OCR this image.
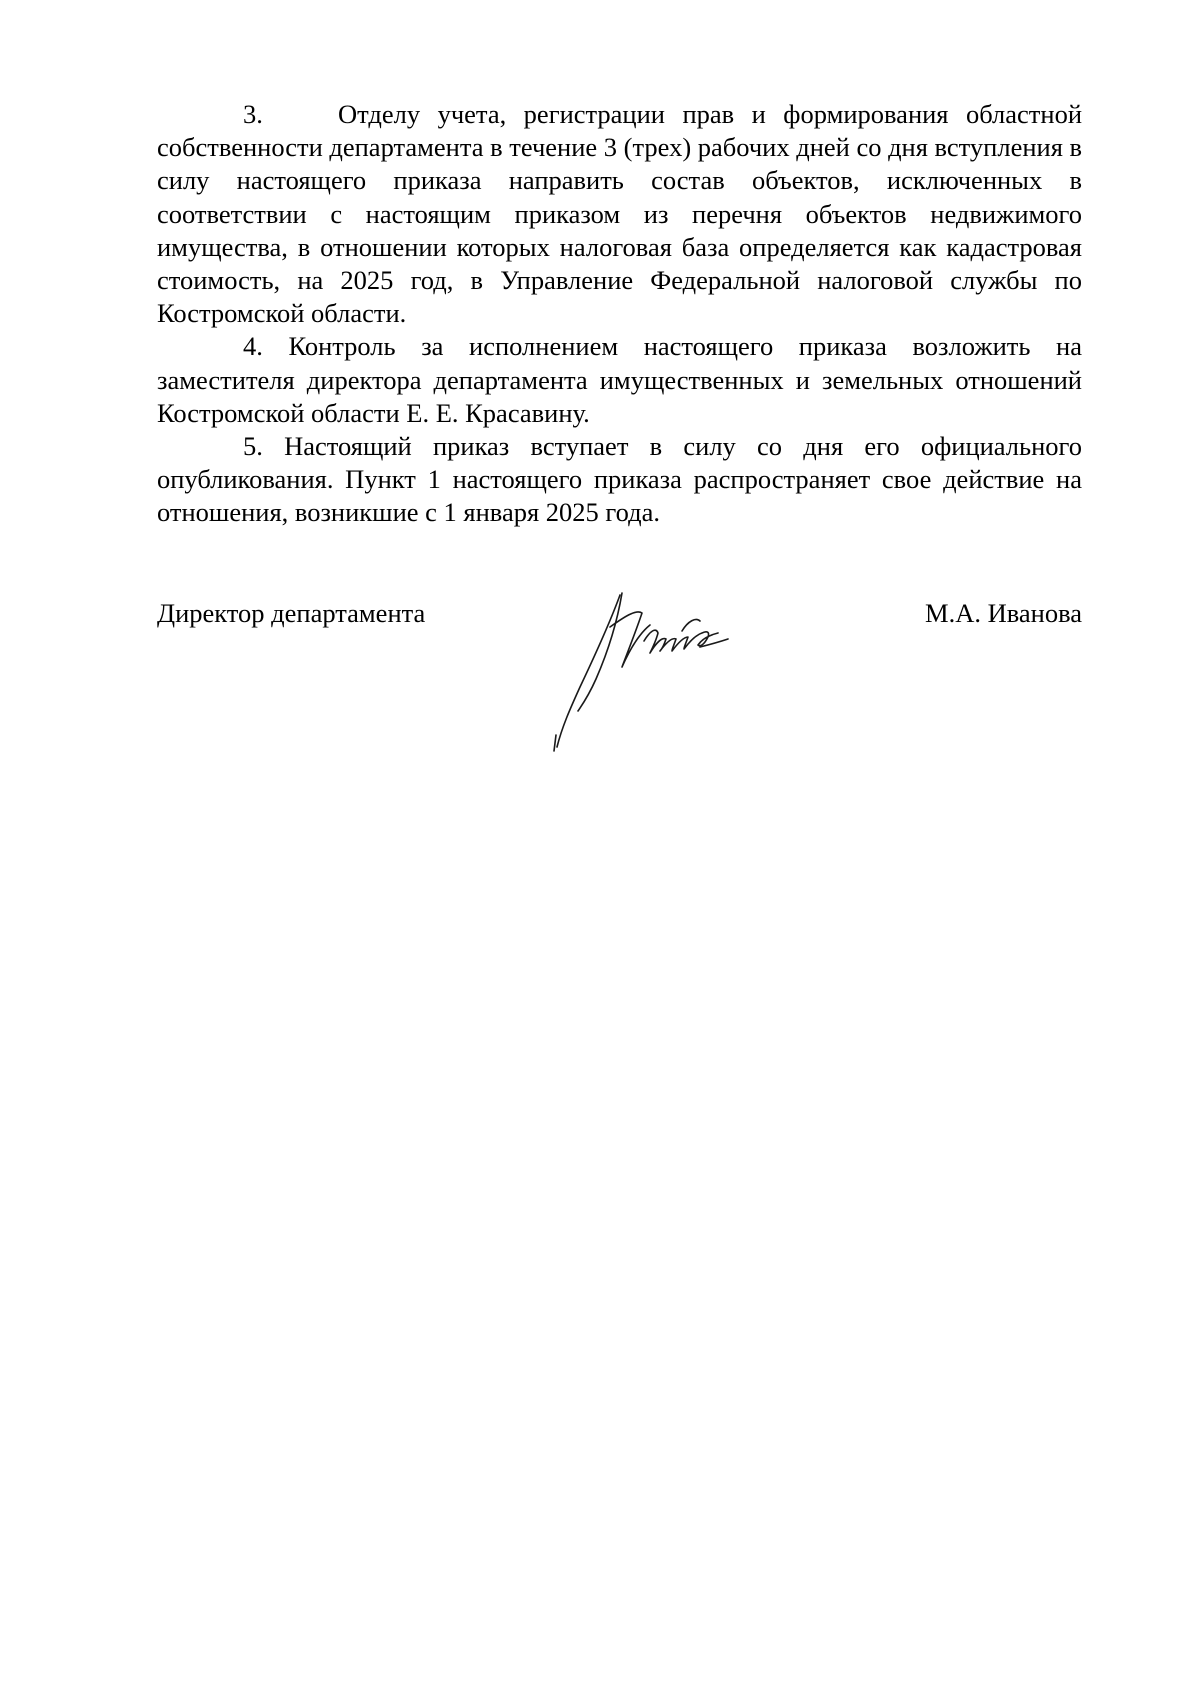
3.	Отделу учета, регистрации прав и формирования областной собственности департамента в течение 3 (трех) рабочих дней со дня вступления в силу настоящего приказа направить состав объектов, исключенных в соответствии с настоящим приказом из перечня объектов недвижимого имущества, в отношении которых налоговая база определяется как кадастровая стоимость, на 2025 год, в Управление Федеральной налоговой службы по Костромской области.

4. Контроль за исполнением настоящего приказа возложить на заместителя директора департамента имущественных и земельных отношений Костромской области Е. Е. Красавину.

5. Настоящий приказ вступает в силу со дня его официального опубликования. Пункт 1 настоящего приказа распространяет свое действие на отношения, возникшие с 1 января 2025 года.

Директор департамента	М.А. Иванова
